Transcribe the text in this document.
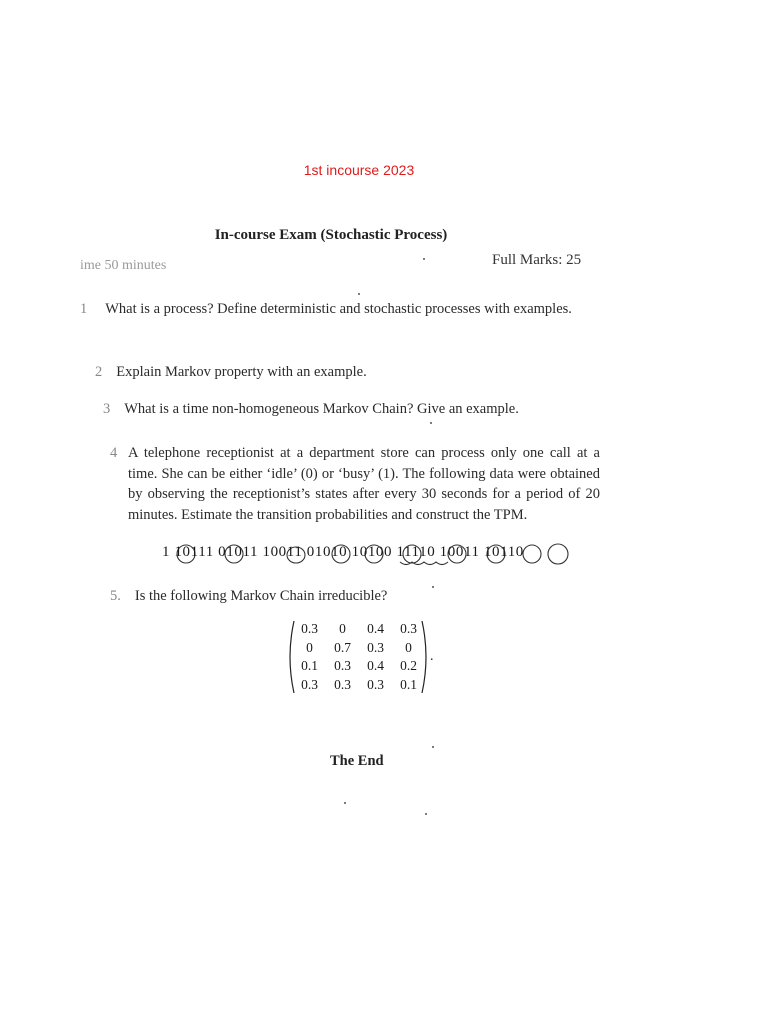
1st incourse 2023
In-course Exam (Stochastic Process)
ime 50 minutes	Full Marks: 25
1 What is a process? Define deterministic and stochastic processes with examples.
2 Explain Markov property with an example.
3 What is a time non-homogeneous Markov Chain? Give an example.
4 A telephone receptionist at a department store can process only one call at a time. She can be either ‘idle’ (0) or ‘busy’ (1). The following data were obtained by observing the receptionist’s states after every 30 seconds for a period of 20 minutes. Estimate the transition probabilities and construct the TPM.
1 10111 01011 10011 01010 10100 11110 10011 10110
5. Is the following Markov Chain irreducible?
0.3	0	0.4	0.3
0	0.7	0.3	0
0.1	0.3	0.4	0.2
0.3	0.3	0.3	0.1
.
The End
